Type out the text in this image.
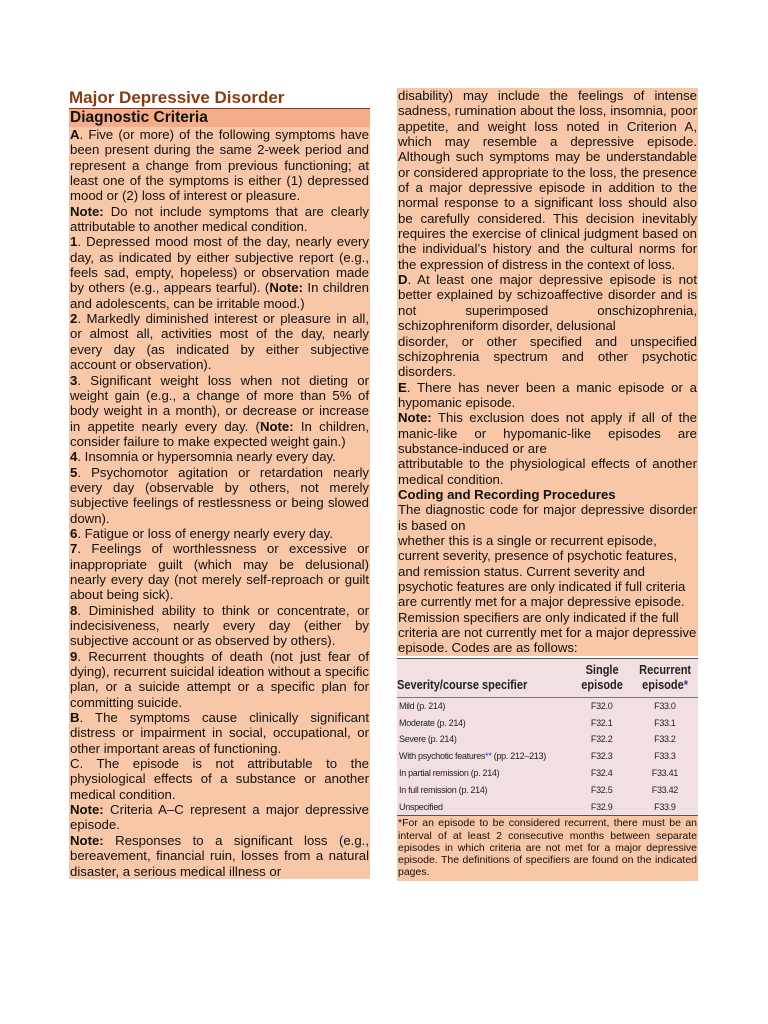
Major Depressive Disorder
Diagnostic Criteria

A. Five (or more) of the following symptoms have been present during the same 2-week period and represent a change from previous functioning; at least one of the symptoms is either (1) depressed mood or (2) loss of interest or pleasure.

Note: Do not include symptoms that are clearly attributable to another medical condition.

1. Depressed mood most of the day, nearly every day, as indicated by either subjective report (e.g., feels sad, empty, hopeless) or observation made by others (e.g., appears tearful). (Note: In children and adolescents, can be irritable mood.)

2. Markedly diminished interest or pleasure in all, or almost all, activities most of the day, nearly every day (as indicated by either subjective account or observation).

3. Significant weight loss when not dieting or weight gain (e.g., a change of more than 5% of body weight in a month), or decrease or increase in appetite nearly every day. (Note: In children, consider failure to make expected weight gain.)

4. Insomnia or hypersomnia nearly every day.

5. Psychomotor agitation or retardation nearly every day (observable by others, not merely subjective feelings of restlessness or being slowed down).

6. Fatigue or loss of energy nearly every day.

7. Feelings of worthlessness or excessive or inappropriate guilt (which may be delusional) nearly every day (not merely self-reproach or guilt about being sick).

8. Diminished ability to think or concentrate, or indecisiveness, nearly every day (either by subjective account or as observed by others).

9. Recurrent thoughts of death (not just fear of dying), recurrent suicidal ideation without a specific plan, or a suicide attempt or a specific plan for committing suicide.

B. The symptoms cause clinically significant distress or impairment in social, occupational, or other important areas of functioning.

C. The episode is not attributable to the physiological effects of a substance or another medical condition.

Note: Criteria A–C represent a major depressive episode.

Note: Responses to a significant loss (e.g., bereavement, financial ruin, losses from a natural disaster, a serious medical illness or

disability) may include the feelings of intense sadness, rumination about the loss, insomnia, poor appetite, and weight loss noted in Criterion A, which may resemble a depressive episode. Although such symptoms may be understandable or considered appropriate to the loss, the presence of a major depressive episode in addition to the normal response to a significant loss should also be carefully considered. This decision inevitably requires the exercise of clinical judgment based on the individual’s history and the cultural norms for the expression of distress in the context of loss.

D. At least one major depressive episode is not better explained by schizoaffective disorder and is not superimposed onschizophrenia, schizophreniform disorder, delusional

disorder, or other specified and unspecified schizophrenia spectrum and other psychotic disorders.

E. There has never been a manic episode or a hypomanic episode.

Note: This exclusion does not apply if all of the manic-like or hypomanic-like episodes are substance-induced or are

attributable to the physiological effects of another medical condition.

Coding and Recording Procedures

The diagnostic code for major depressive disorder is based on

whether this is a single or recurrent episode, current severity, presence of psychotic features, and remission status. Current severity and psychotic features are only indicated if full criteria are currently met for a major depressive episode. Remission specifiers are only indicated if the full criteria are not currently met for a major depressive episode. Codes are as follows:

Severity/course specifier	Single episode	Recurrent episode*
Mild (p. 214)	F32.0	F33.0
Moderate (p. 214)	F32.1	F33.1
Severe (p. 214)	F32.2	F33.2
With psychotic features** (pp. 212–213)	F32.3	F33.3
In partial remission (p. 214)	F32.4	F33.41
In full remission (p. 214)	F32.5	F33.42
Unspecified	F32.9	F33.9
*For an episode to be considered recurrent, there must be an interval of at least 2 consecutive months between separate episodes in which criteria are not met for a major depressive episode. The definitions of specifiers are found on the indicated pages.
